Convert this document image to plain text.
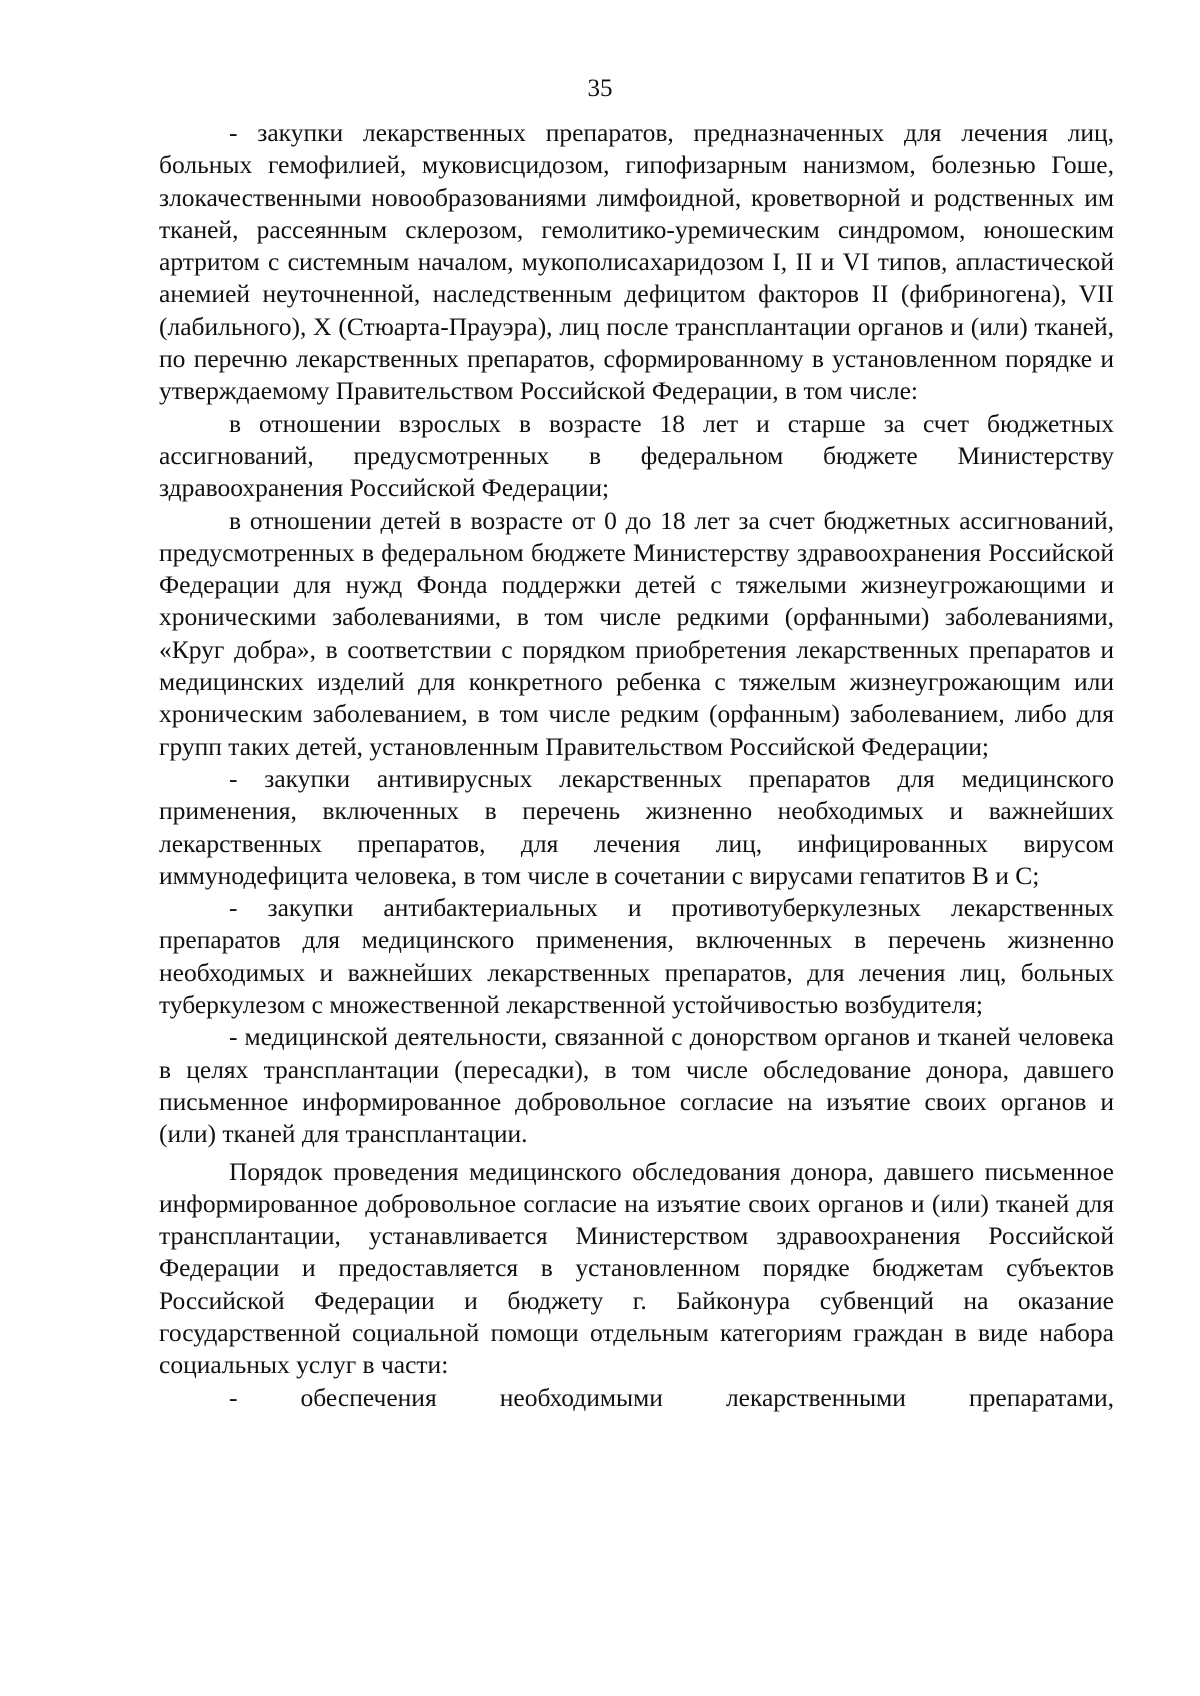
35

- закупки лекарственных препаратов, предназначенных для лечения лиц, больных гемофилией, муковисцидозом, гипофизарным нанизмом, болезнью Гоше, злокачественными новообразованиями лимфоидной, кроветворной и родственных им тканей, рассеянным склерозом, гемолитико-уремическим синдромом, юношеским артритом с системным началом, мукополисахаридозом I, II и VI типов, апластической анемией неуточненной, наследственным дефицитом факторов II (фибриногена), VII (лабильного), X (Стюарта-Прауэра), лиц после трансплантации органов и (или) тканей, по перечню лекарственных препаратов, сформированному в установленном порядке и утверждаемому Правительством Российской Федерации, в том числе:

в отношении взрослых в возрасте 18 лет и старше за счет бюджетных ассигнований, предусмотренных в федеральном бюджете Министерству здравоохранения Российской Федерации;

в отношении детей в возрасте от 0 до 18 лет за счет бюджетных ассигнований, предусмотренных в федеральном бюджете Министерству здравоохранения Российской Федерации для нужд Фонда поддержки детей с тяжелыми жизнеугрожающими и хроническими заболеваниями, в том числе редкими (орфанными) заболеваниями, «Круг добра», в соответствии с порядком приобретения лекарственных препаратов и медицинских изделий для конкретного ребенка с тяжелым жизнеугрожающим или хроническим заболеванием, в том числе редким (орфанным) заболеванием, либо для групп таких детей, установленным Правительством Российской Федерации;

- закупки антивирусных лекарственных препаратов для медицинского применения, включенных в перечень жизненно необходимых и важнейших лекарственных препаратов, для лечения лиц, инфицированных вирусом иммунодефицита человека, в том числе в сочетании с вирусами гепатитов B и C;

- закупки антибактериальных и противотуберкулезных лекарственных препаратов для медицинского применения, включенных в перечень жизненно необходимых и важнейших лекарственных препаратов, для лечения лиц, больных туберкулезом с множественной лекарственной устойчивостью возбудителя;

- медицинской деятельности, связанной с донорством органов и тканей человека в целях трансплантации (пересадки), в том числе обследование донора, давшего письменное информированное добровольное согласие на изъятие своих органов и (или) тканей для трансплантации.

Порядок проведения медицинского обследования донора, давшего письменное информированное добровольное согласие на изъятие своих органов и (или) тканей для трансплантации, устанавливается Министерством здравоохранения Российской Федерации и предоставляется в установленном порядке бюджетам субъектов Российской Федерации и бюджету г. Байконура субвенций на оказание государственной социальной помощи отдельным категориям граждан в виде набора социальных услуг в части:

- обеспечения необходимыми лекарственными препаратами,
